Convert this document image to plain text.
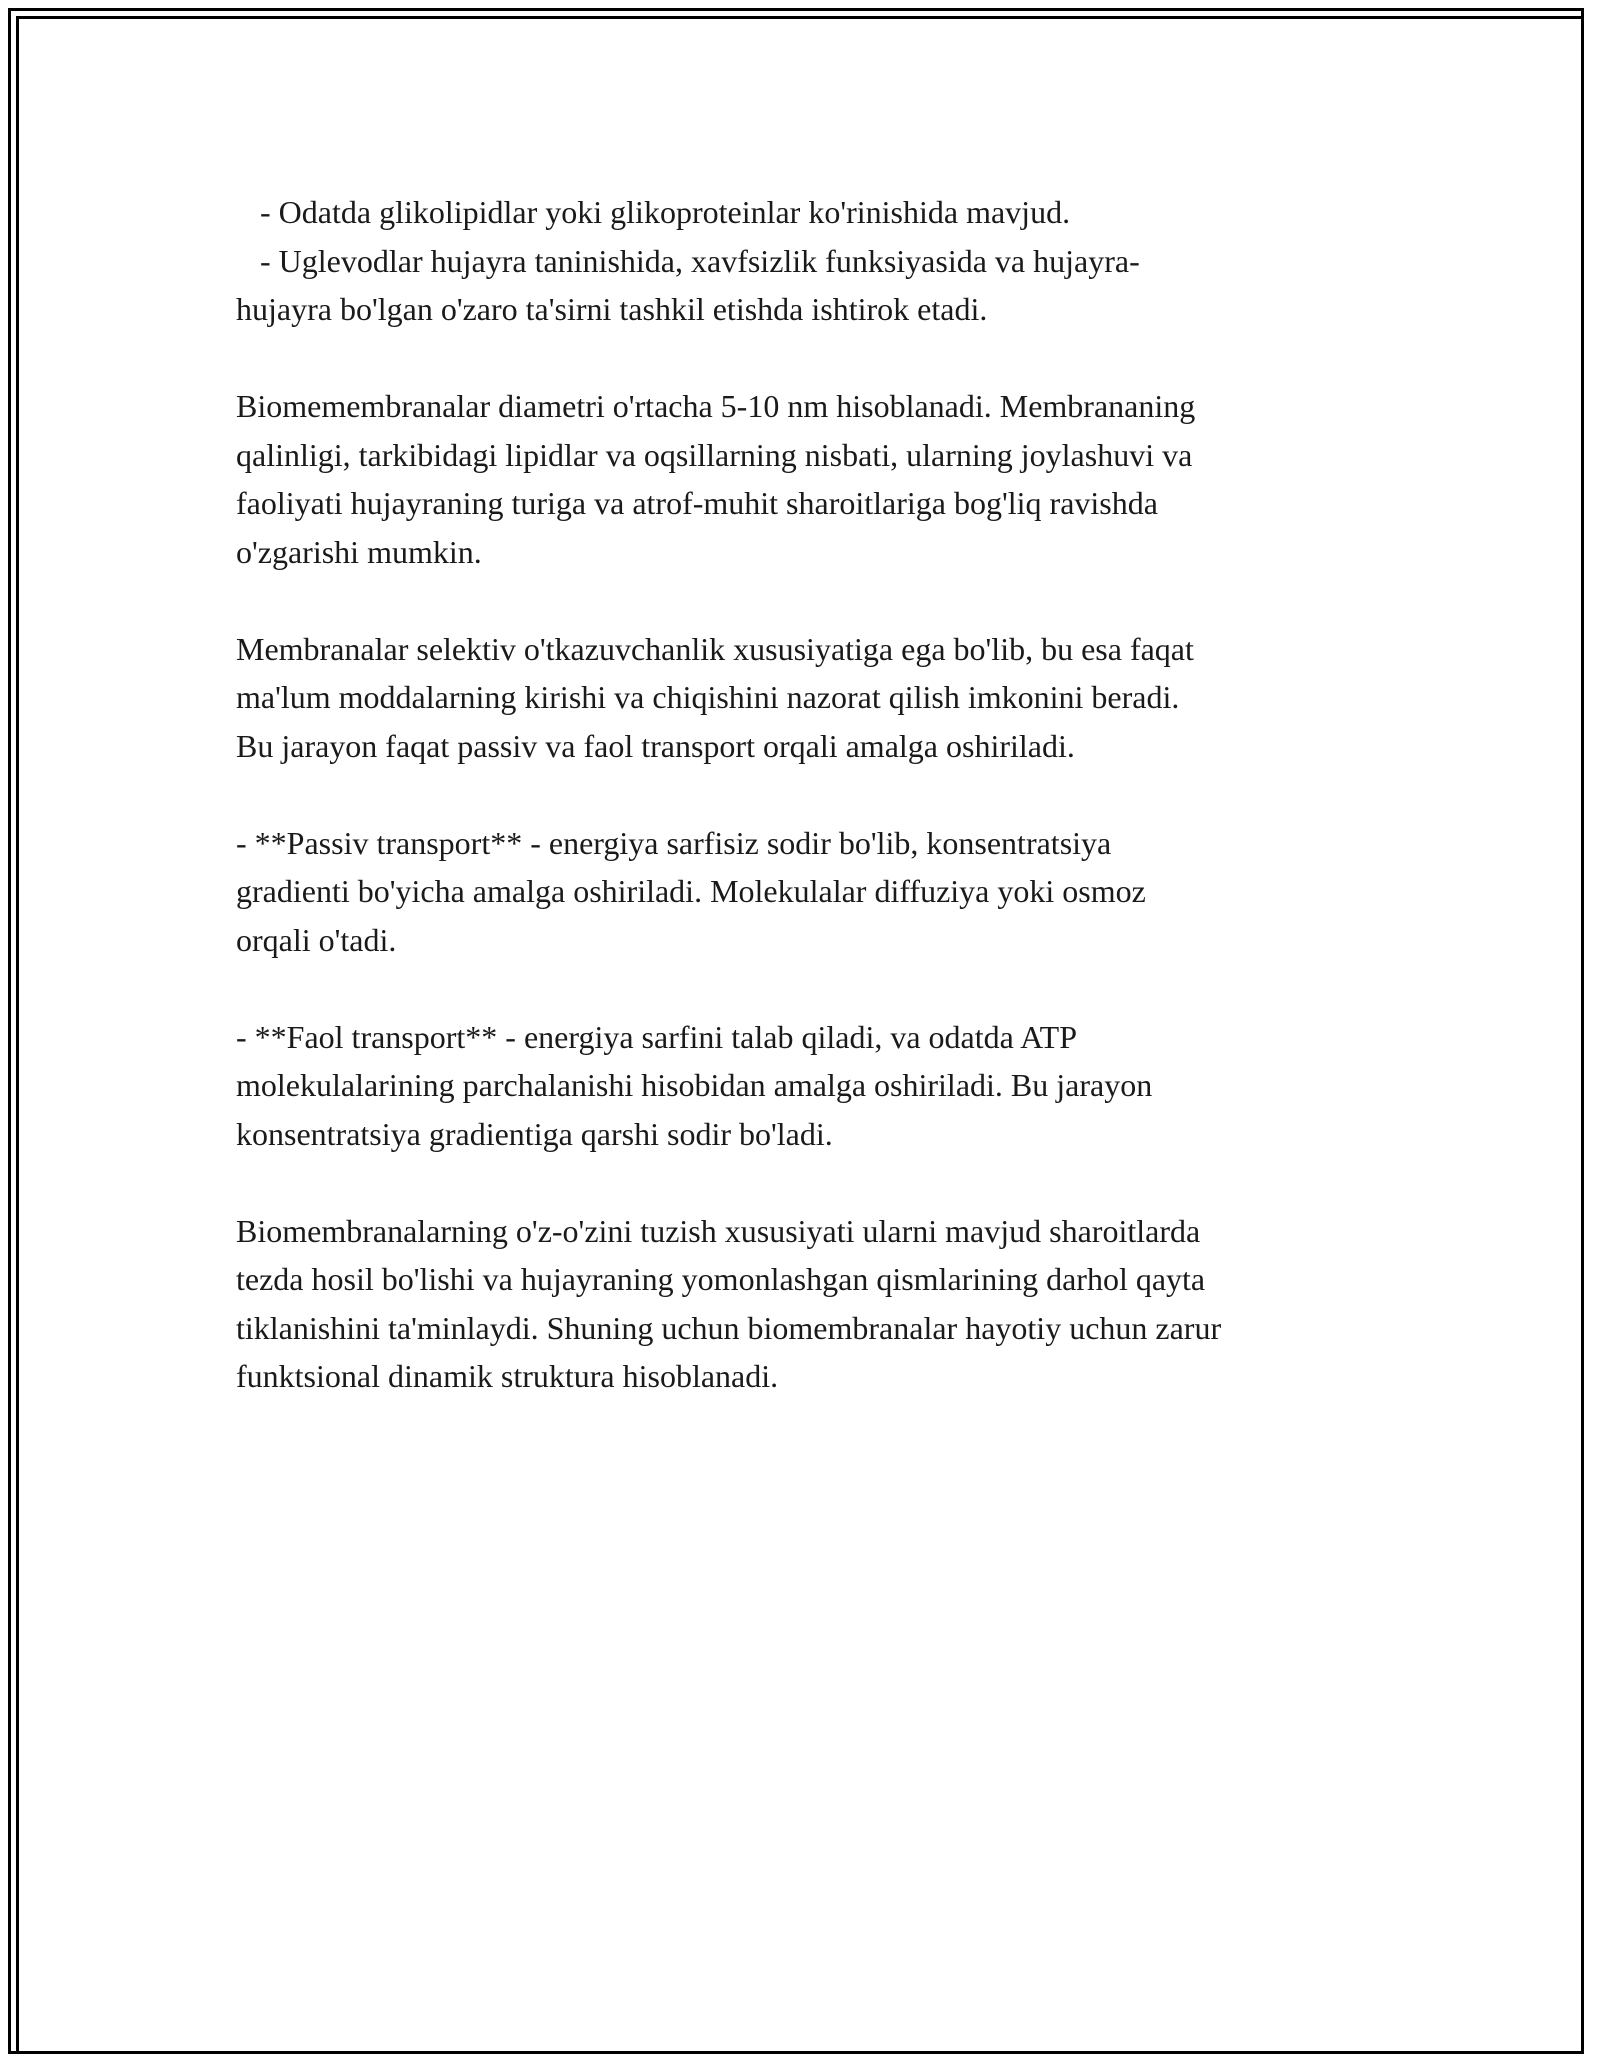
- Odatda glikolipidlar yoki glikoproteinlar ko'rinishida mavjud.
- Uglevodlar hujayra taninishida, xavfsizlik funksiyasida va hujayra-
hujayra bo'lgan o'zaro ta'sirni tashkil etishda ishtirok etadi.
Biomemembranalar diametri o'rtacha 5-10 nm hisoblanadi. Membrananing
qalinligi, tarkibidagi lipidlar va oqsillarning nisbati, ularning joylashuvi va
faoliyati hujayraning turiga va atrof-muhit sharoitlariga bog'liq ravishda
o'zgarishi mumkin.
Membranalar selektiv o'tkazuvchanlik xususiyatiga ega bo'lib, bu esa faqat
ma'lum moddalarning kirishi va chiqishini nazorat qilish imkonini beradi.
Bu jarayon faqat passiv va faol transport orqali amalga oshiriladi.
- **Passiv transport** - energiya sarfisiz sodir bo'lib, konsentratsiya
gradienti bo'yicha amalga oshiriladi. Molekulalar diffuziya yoki osmoz
orqali o'tadi.
- **Faol transport** - energiya sarfini talab qiladi, va odatda ATP
molekulalarining parchalanishi hisobidan amalga oshiriladi. Bu jarayon
konsentratsiya gradientiga qarshi sodir bo'ladi.
Biomembranalarning o'z-o'zini tuzish xususiyati ularni mavjud sharoitlarda
tezda hosil bo'lishi va hujayraning yomonlashgan qismlarining darhol qayta
tiklanishini ta'minlaydi. Shuning uchun biomembranalar hayotiy uchun zarur
funktsional dinamik struktura hisoblanadi.
